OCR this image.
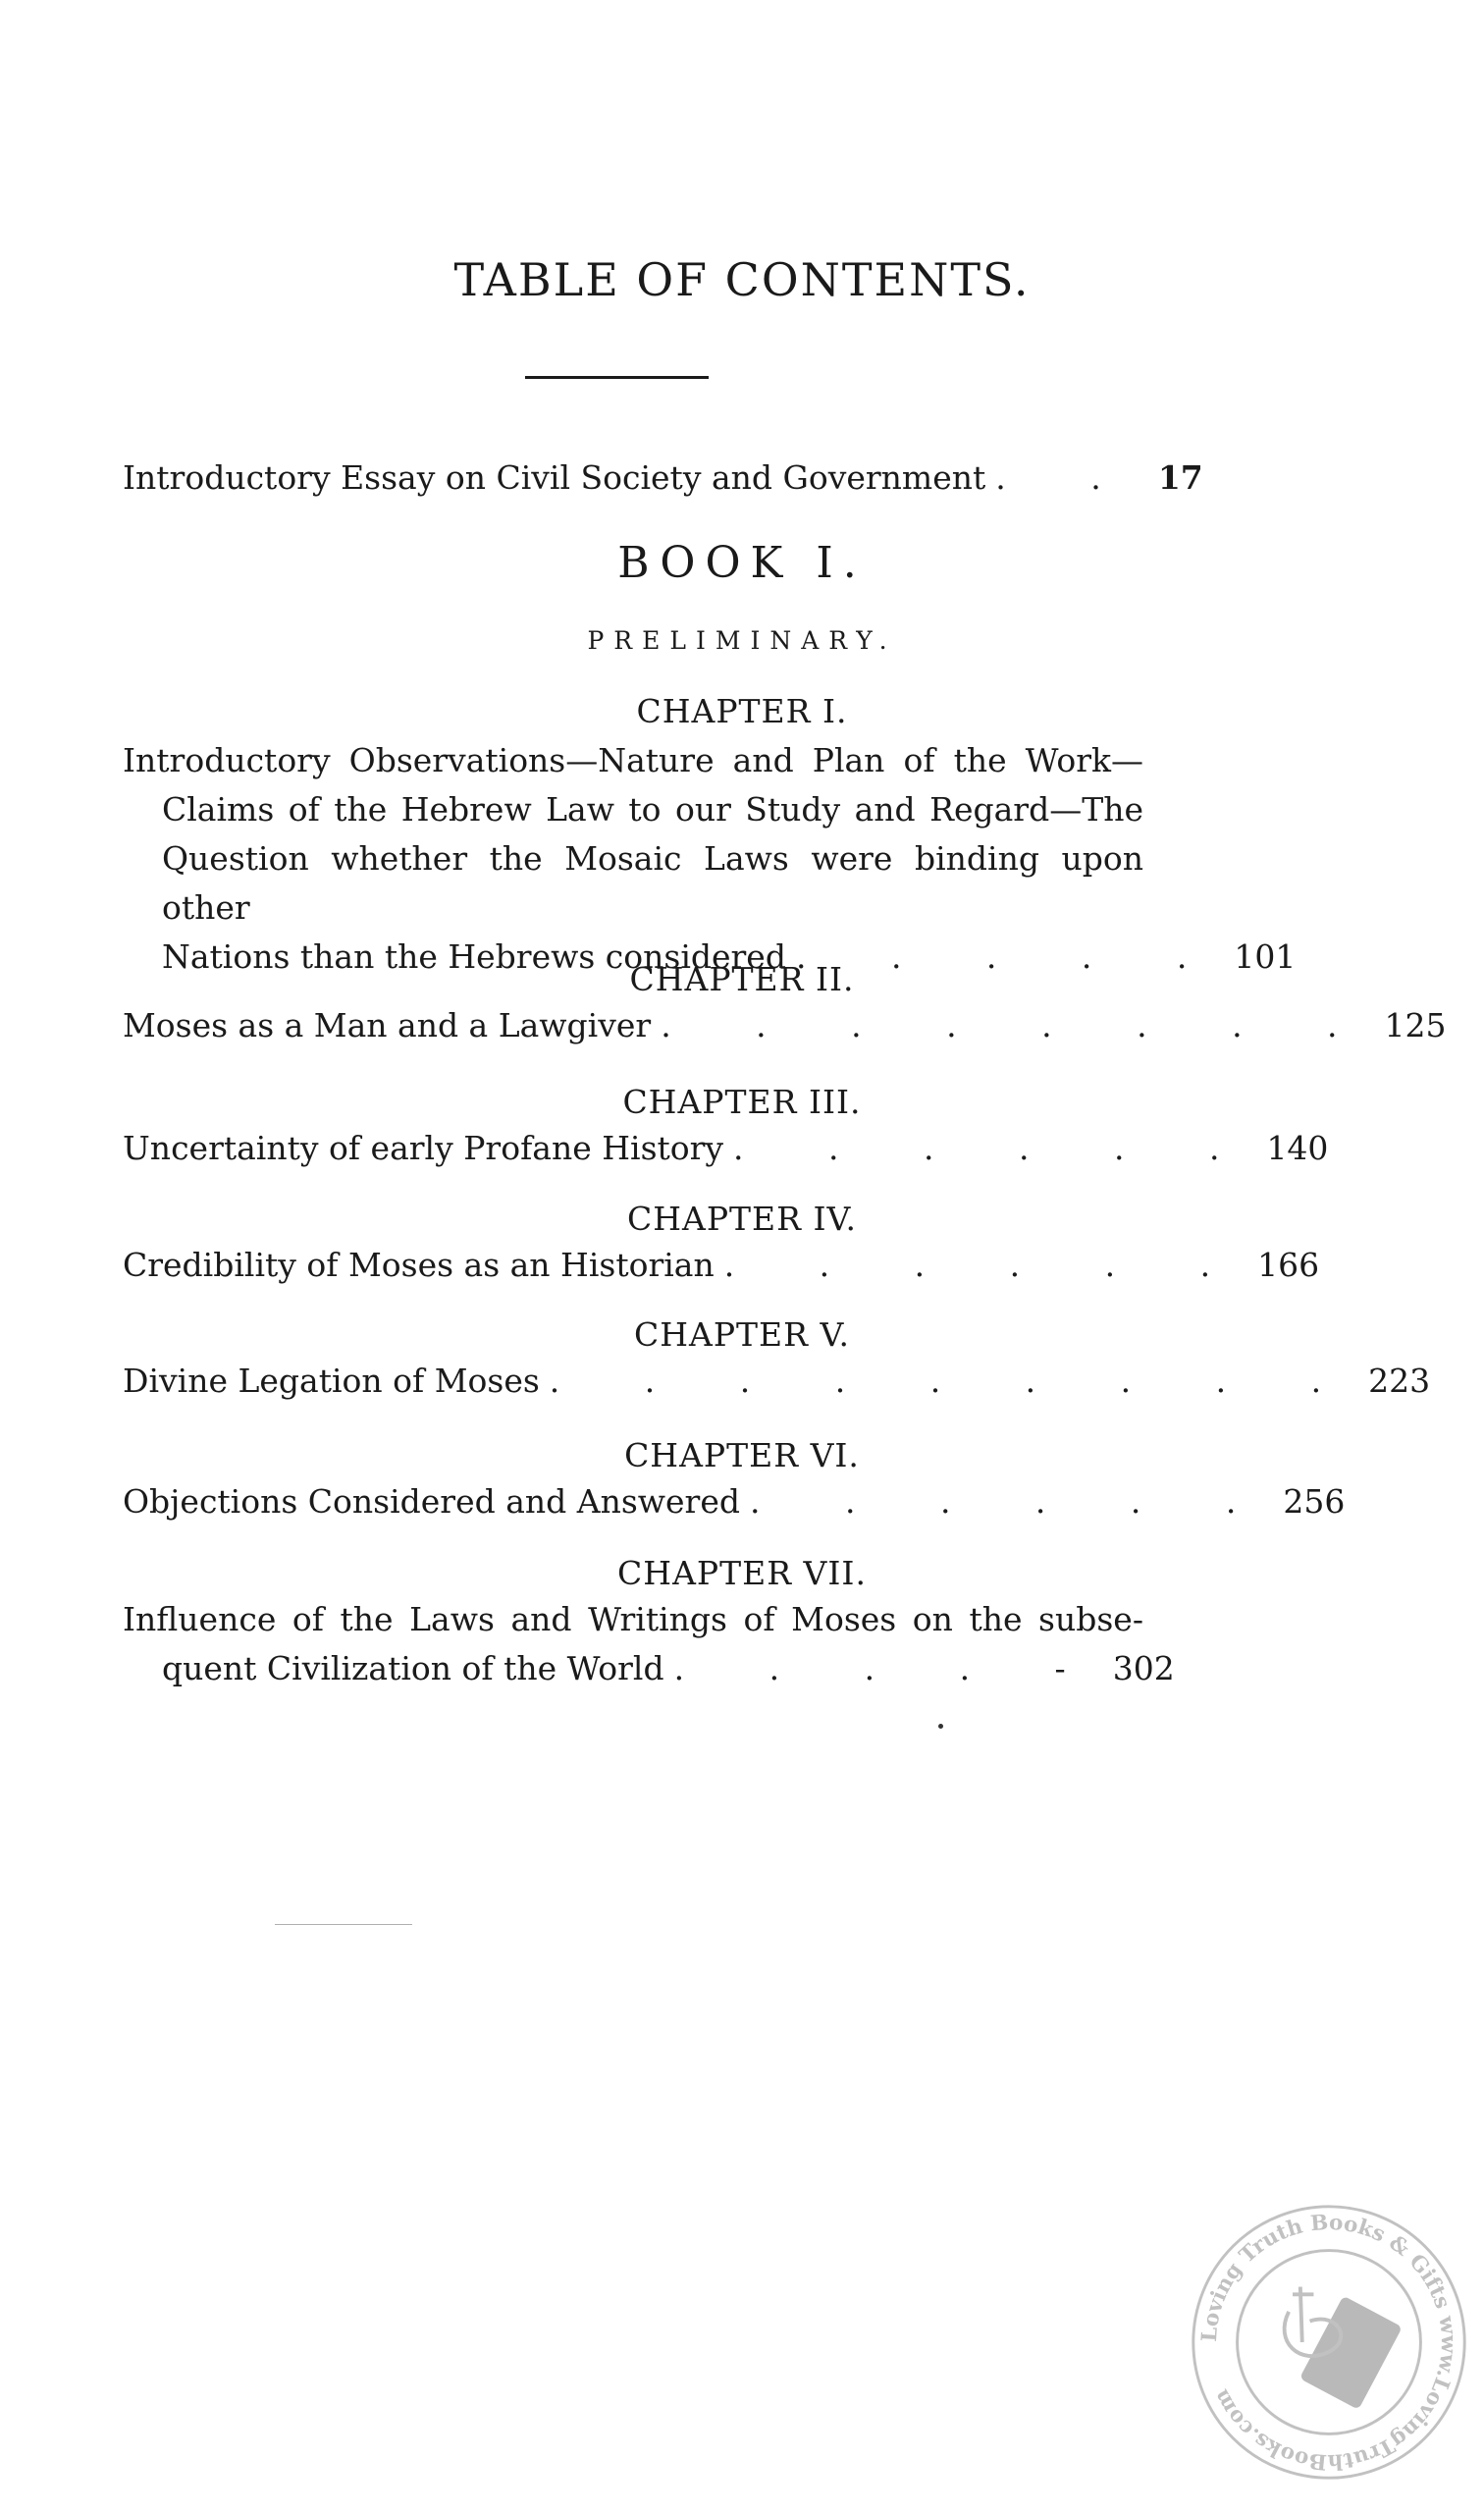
TABLE OF CONTENTS.
Introductory Essay on Civil Society and Government . . 17
BOOK I.
PRELIMINARY.
CHAPTER I.
Introductory Observations—Nature and Plan of the Work—
Claims of the Hebrew Law to our Study and Regard—The
Question whether the Mosaic Laws were binding upon other
Nations than the Hebrews considered . . . . . 101
CHAPTER II.
Moses as a Man and a Lawgiver . . . . . . . . 125
CHAPTER III.
Uncertainty of early Profane History . . . . . . 140
CHAPTER IV.
Credibility of Moses as an Historian . . . . . . 166
CHAPTER V.
Divine Legation of Moses . . . . . . . . . 223
CHAPTER VI.
Objections Considered and Answered . . . . . . 256
CHAPTER VII.
Influence of the Laws and Writings of Moses on the subse-
quent Civilization of the World . . . . - 302
Loving Truth Books & Gifts www.LovingTruthBooks.com
